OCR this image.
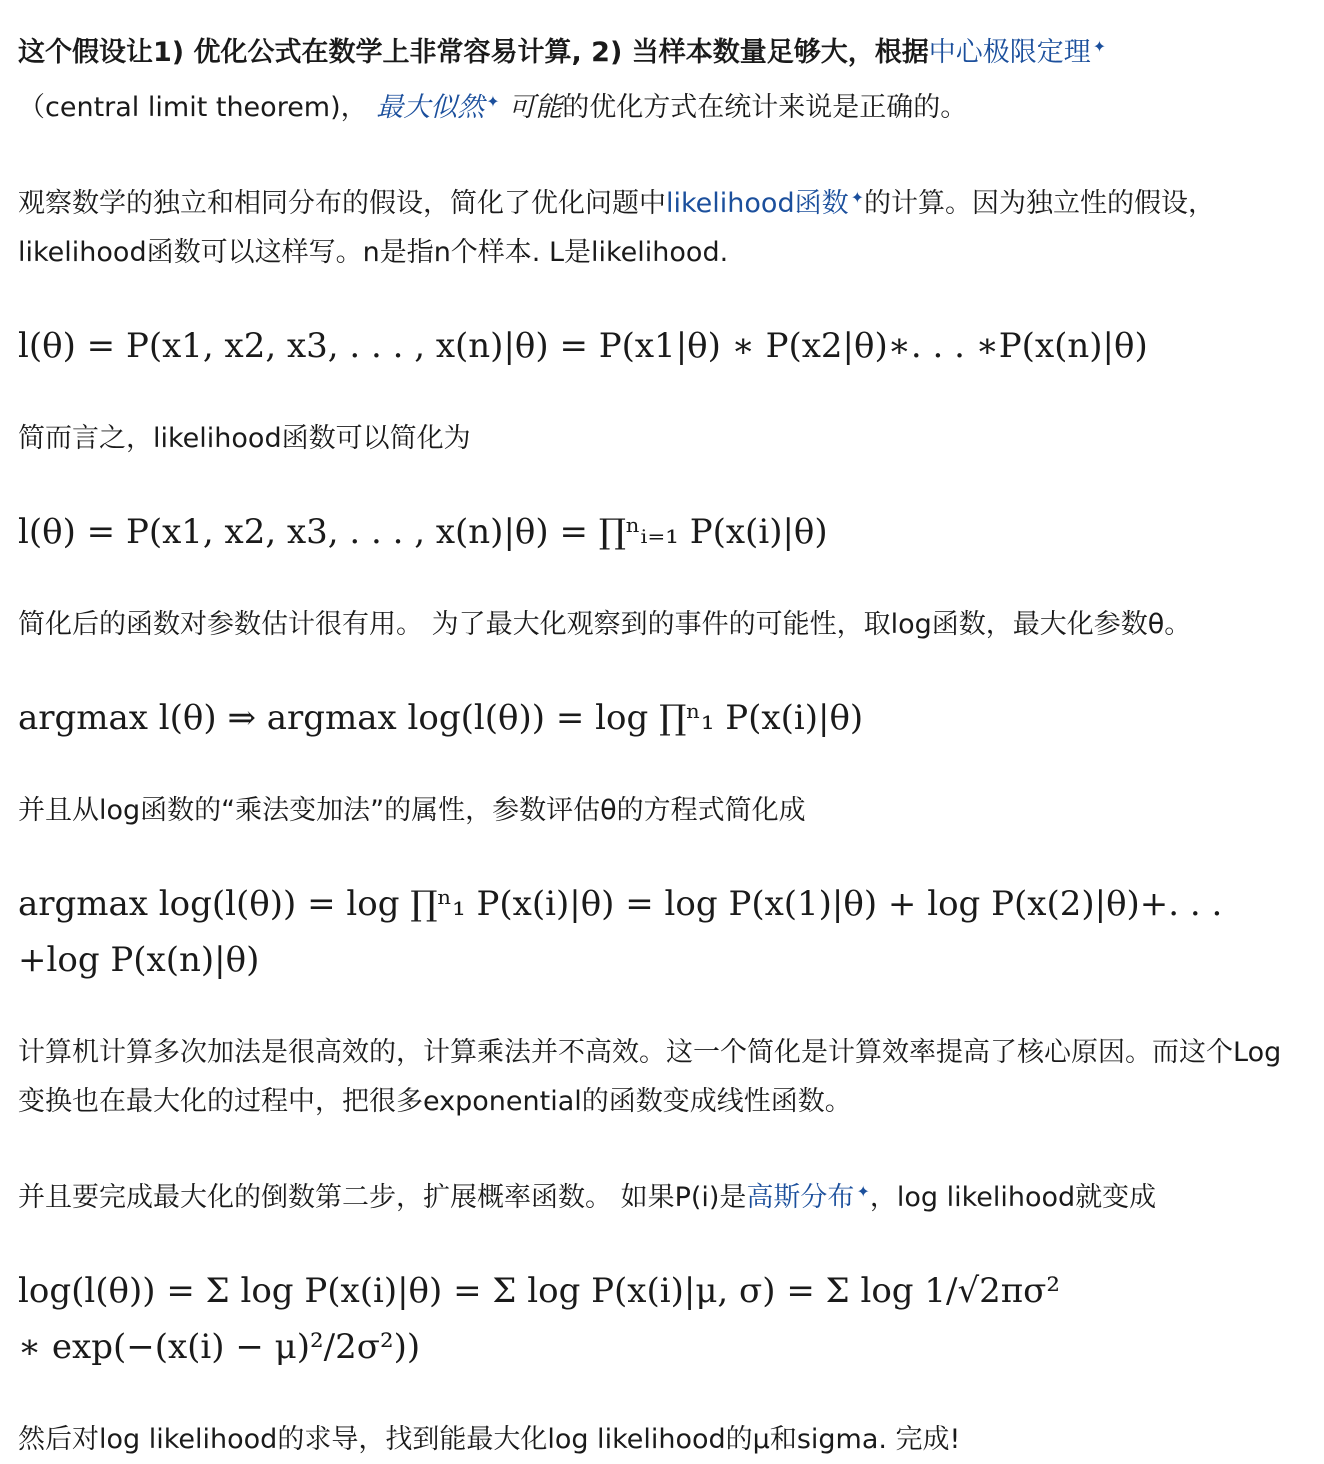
这个假设让1) 优化公式在数学上非常容易计算, 2) 当样本数量足够大，根据中心极限定理 ✦
（central limit theorem)， 最大似然 ✦ 可能的优化方式在统计来说是正确的。

观察数学的独立和相同分布的假设，简化了优化问题中likelihood函数 ✦的计算。因为独立性的假设，likelihood函数可以这样写。n是指n个样本. L是likelihood.

l(θ) = P(x1, x2, x3, . . . , x(n)|θ) = P(x1|θ) ∗ P(x2|θ)∗. . . ∗P(x(n)|θ)

简而言之，likelihood函数可以简化为

l(θ) = P(x1, x2, x3, . . . , x(n)|θ) = ∏ⁿᵢ₌₁ P(x(i)|θ)

简化后的函数对参数估计很有用。 为了最大化观察到的事件的可能性，取log函数，最大化参数θ。

argmax l(θ) ⇒ argmax log(l(θ)) = log ∏ⁿ₁ P(x(i)|θ)

并且从log函数的“乘法变加法”的属性，参数评估θ的方程式简化成

argmax log(l(θ)) = log ∏ⁿ₁ P(x(i)|θ) = log P(x(1)|θ) + log P(x(2)|θ)+. . .
+log P(x(n)|θ)

计算机计算多次加法是很高效的，计算乘法并不高效。这一个简化是计算效率提高了核心原因。而这个Log变换也在最大化的过程中，把很多exponential的函数变成线性函数。

并且要完成最大化的倒数第二步，扩展概率函数。 如果P(i)是高斯分布 ✦，log likelihood就变成

log(l(θ)) = Σ log P(x(i)|θ) = Σ log P(x(i)|μ, σ) = Σ log 1/√2πσ²
∗ exp(−(x(i) − μ)²/2σ²))

然后对log likelihood的求导，找到能最大化log likelihood的μ和sigma. 完成!
